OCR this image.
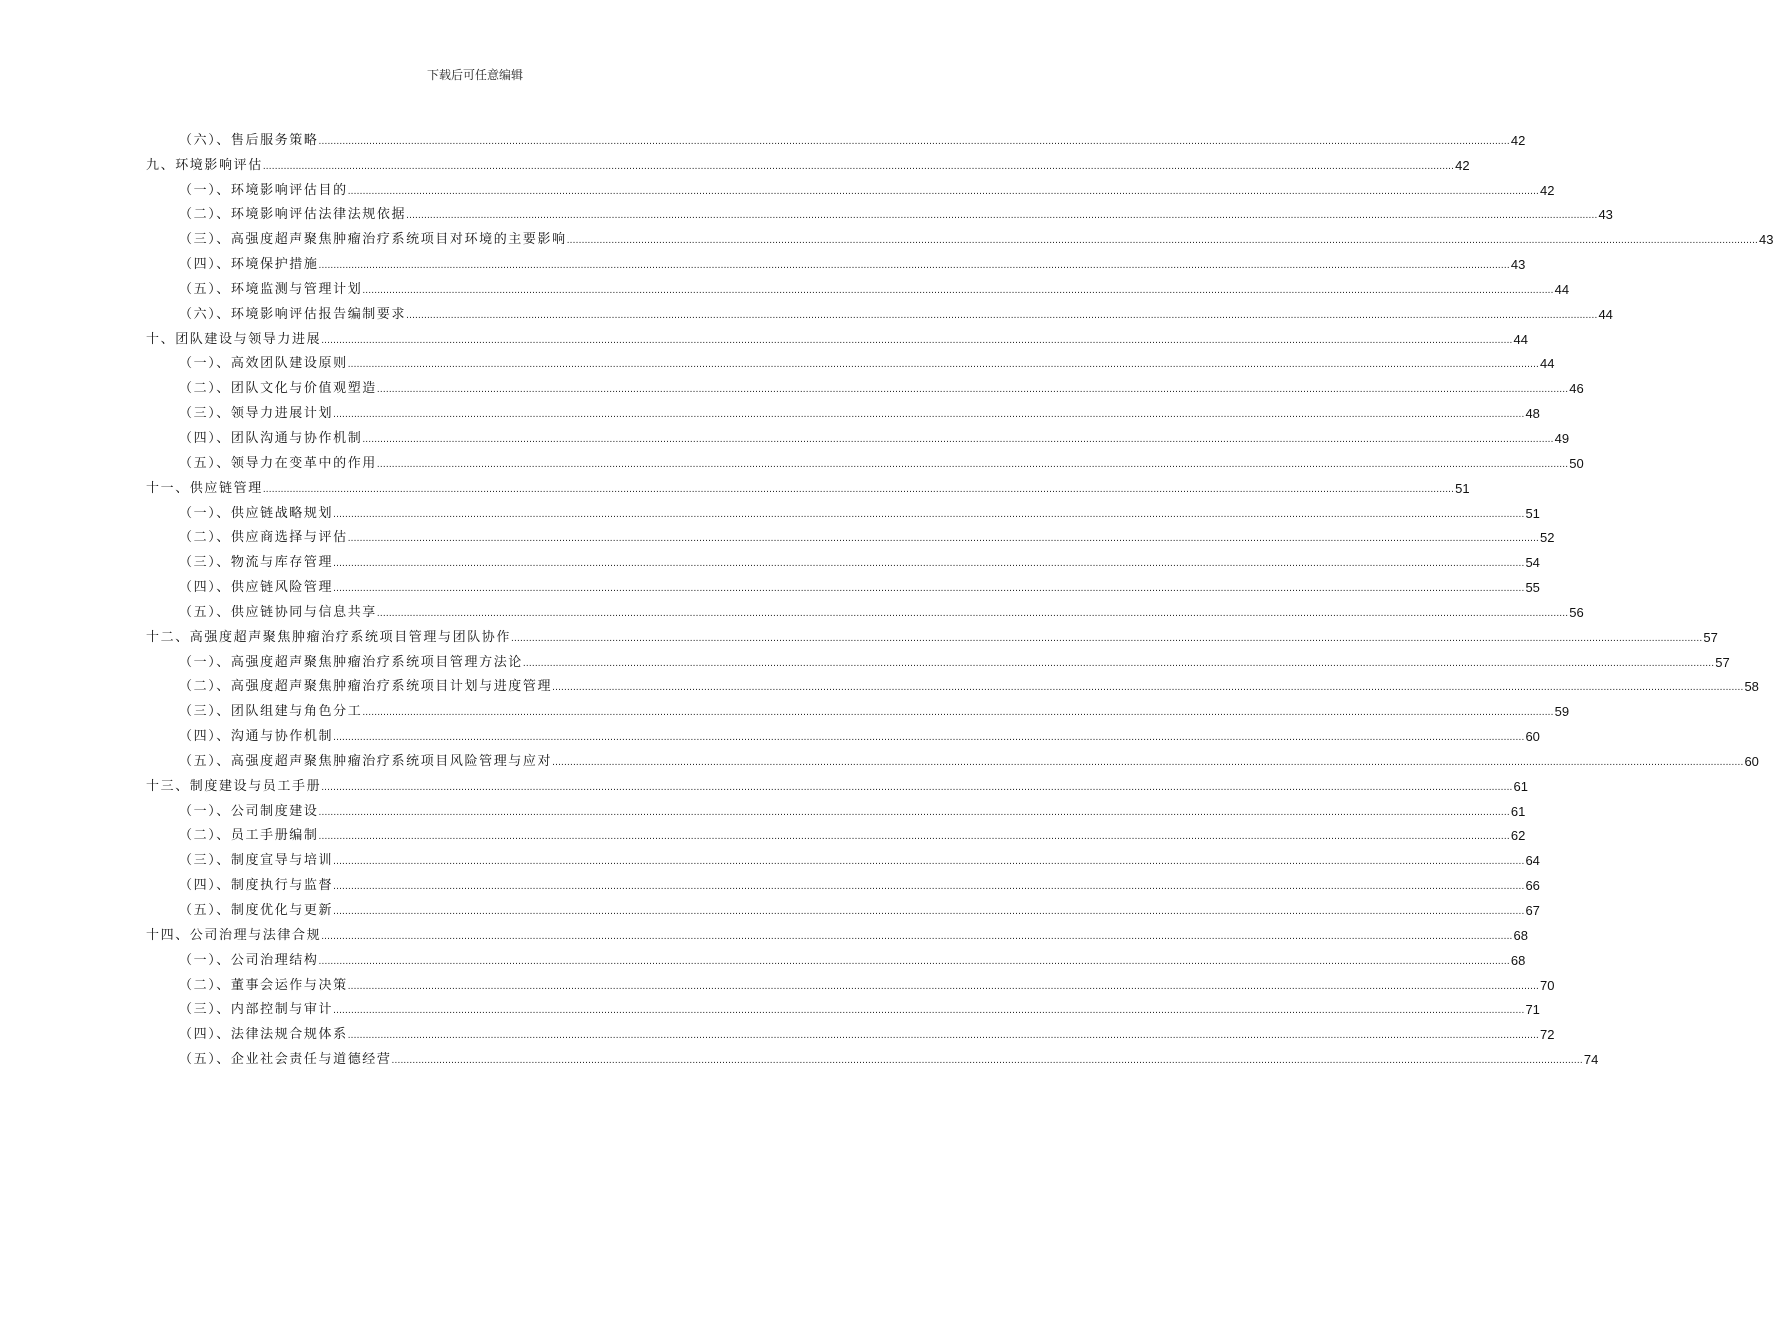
下载后可任意编辑
（六）、售后服务策略 ................................................................................................................................................................................................................................................................................................................................................................................................................ 42
九、环境影响评估 ................................................................................................................................................................................................................................................................................................................................................................................................................ 42
（一）、环境影响评估目的 ................................................................................................................................................................................................................................................................................................................................................................................................................ 42
（二）、环境影响评估法律法规依据 ................................................................................................................................................................................................................................................................................................................................................................................................................ 43
（三）、高强度超声聚焦肿瘤治疗系统项目对环境的主要影响 ................................................................................................................................................................................................................................................................................................................................................................................................................ 43
（四）、环境保护措施 ................................................................................................................................................................................................................................................................................................................................................................................................................ 43
（五）、环境监测与管理计划 ................................................................................................................................................................................................................................................................................................................................................................................................................ 44
（六）、环境影响评估报告编制要求 ................................................................................................................................................................................................................................................................................................................................................................................................................ 44
十、团队建设与领导力进展 ................................................................................................................................................................................................................................................................................................................................................................................................................ 44
（一）、高效团队建设原则 ................................................................................................................................................................................................................................................................................................................................................................................................................ 44
（二）、团队文化与价值观塑造 ................................................................................................................................................................................................................................................................................................................................................................................................................ 46
（三）、领导力进展计划 ................................................................................................................................................................................................................................................................................................................................................................................................................ 48
（四）、团队沟通与协作机制 ................................................................................................................................................................................................................................................................................................................................................................................................................ 49
（五）、领导力在变革中的作用 ................................................................................................................................................................................................................................................................................................................................................................................................................ 50
十一、供应链管理 ................................................................................................................................................................................................................................................................................................................................................................................................................ 51
（一）、供应链战略规划 ................................................................................................................................................................................................................................................................................................................................................................................................................ 51
（二）、供应商选择与评估 ................................................................................................................................................................................................................................................................................................................................................................................................................ 52
（三）、物流与库存管理 ................................................................................................................................................................................................................................................................................................................................................................................................................ 54
（四）、供应链风险管理 ................................................................................................................................................................................................................................................................................................................................................................................................................ 55
（五）、供应链协同与信息共享 ................................................................................................................................................................................................................................................................................................................................................................................................................ 56
十二、高强度超声聚焦肿瘤治疗系统项目管理与团队协作 ................................................................................................................................................................................................................................................................................................................................................................................................................ 57
（一）、高强度超声聚焦肿瘤治疗系统项目管理方法论 ................................................................................................................................................................................................................................................................................................................................................................................................................ 57
（二）、高强度超声聚焦肿瘤治疗系统项目计划与进度管理 ................................................................................................................................................................................................................................................................................................................................................................................................................ 58
（三）、团队组建与角色分工 ................................................................................................................................................................................................................................................................................................................................................................................................................ 59
（四）、沟通与协作机制 ................................................................................................................................................................................................................................................................................................................................................................................................................ 60
（五）、高强度超声聚焦肿瘤治疗系统项目风险管理与应对 ................................................................................................................................................................................................................................................................................................................................................................................................................ 60
十三、制度建设与员工手册 ................................................................................................................................................................................................................................................................................................................................................................................................................ 61
（一）、公司制度建设 ................................................................................................................................................................................................................................................................................................................................................................................................................ 61
（二）、员工手册编制 ................................................................................................................................................................................................................................................................................................................................................................................................................ 62
（三）、制度宣导与培训 ................................................................................................................................................................................................................................................................................................................................................................................................................ 64
（四）、制度执行与监督 ................................................................................................................................................................................................................................................................................................................................................................................................................ 66
（五）、制度优化与更新 ................................................................................................................................................................................................................................................................................................................................................................................................................ 67
十四、公司治理与法律合规 ................................................................................................................................................................................................................................................................................................................................................................................................................ 68
（一）、公司治理结构 ................................................................................................................................................................................................................................................................................................................................................................................................................ 68
（二）、董事会运作与决策 ................................................................................................................................................................................................................................................................................................................................................................................................................ 70
（三）、内部控制与审计 ................................................................................................................................................................................................................................................................................................................................................................................................................ 71
（四）、法律法规合规体系 ................................................................................................................................................................................................................................................................................................................................................................................................................ 72
（五）、企业社会责任与道德经营 ................................................................................................................................................................................................................................................................................................................................................................................................................ 74
